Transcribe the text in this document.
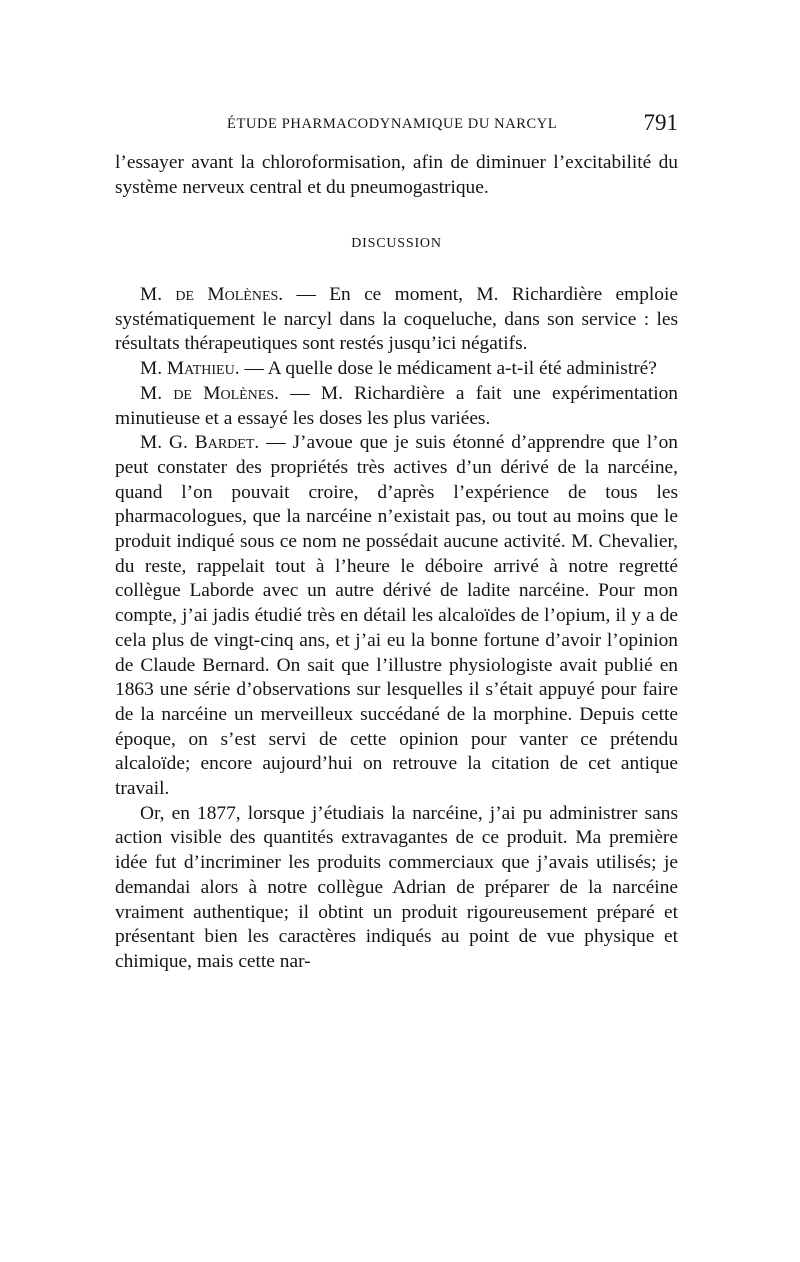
ÉTUDE PHARMACODYNAMIQUE DU NARCYL	791

l’essayer avant la chloroformisation, afin de diminuer l’excitabilité du système nerveux central et du pneumogastrique.

DISCUSSION

M. de Molènes. — En ce moment, M. Richardière emploie systématiquement le narcyl dans la coqueluche, dans son service : les résultats thérapeutiques sont restés jusqu’ici négatifs.

M. Mathieu. — A quelle dose le médicament a-t-il été administré?

M. de Molènes. — M. Richardière a fait une expérimentation minutieuse et a essayé les doses les plus variées.

M. G. Bardet. — J’avoue que je suis étonné d’apprendre que l’on peut constater des propriétés très actives d’un dérivé de la narcéine, quand l’on pouvait croire, d’après l’expérience de tous les pharmacologues, que la narcéine n’existait pas, ou tout au moins que le produit indiqué sous ce nom ne possédait aucune activité. M. Chevalier, du reste, rappelait tout à l’heure le déboire arrivé à notre regretté collègue Laborde avec un autre dérivé de ladite narcéine. Pour mon compte, j’ai jadis étudié très en détail les alcaloïdes de l’opium, il y a de cela plus de vingt-cinq ans, et j’ai eu la bonne fortune d’avoir l’opinion de Claude Bernard. On sait que l’illustre physiologiste avait publié en 1863 une série d’observations sur lesquelles il s’était appuyé pour faire de la narcéine un merveilleux succédané de la morphine. Depuis cette époque, on s’est servi de cette opinion pour vanter ce prétendu alcaloïde; encore aujourd’hui on retrouve la citation de cet antique travail.

Or, en 1877, lorsque j’étudiais la narcéine, j’ai pu administrer sans action visible des quantités extravagantes de ce produit. Ma première idée fut d’incriminer les produits commerciaux que j’avais utilisés; je demandai alors à notre collègue Adrian de préparer de la narcéine vraiment authentique; il obtint un produit rigoureusement préparé et présentant bien les caractères indiqués au point de vue physique et chimique, mais cette nar-
